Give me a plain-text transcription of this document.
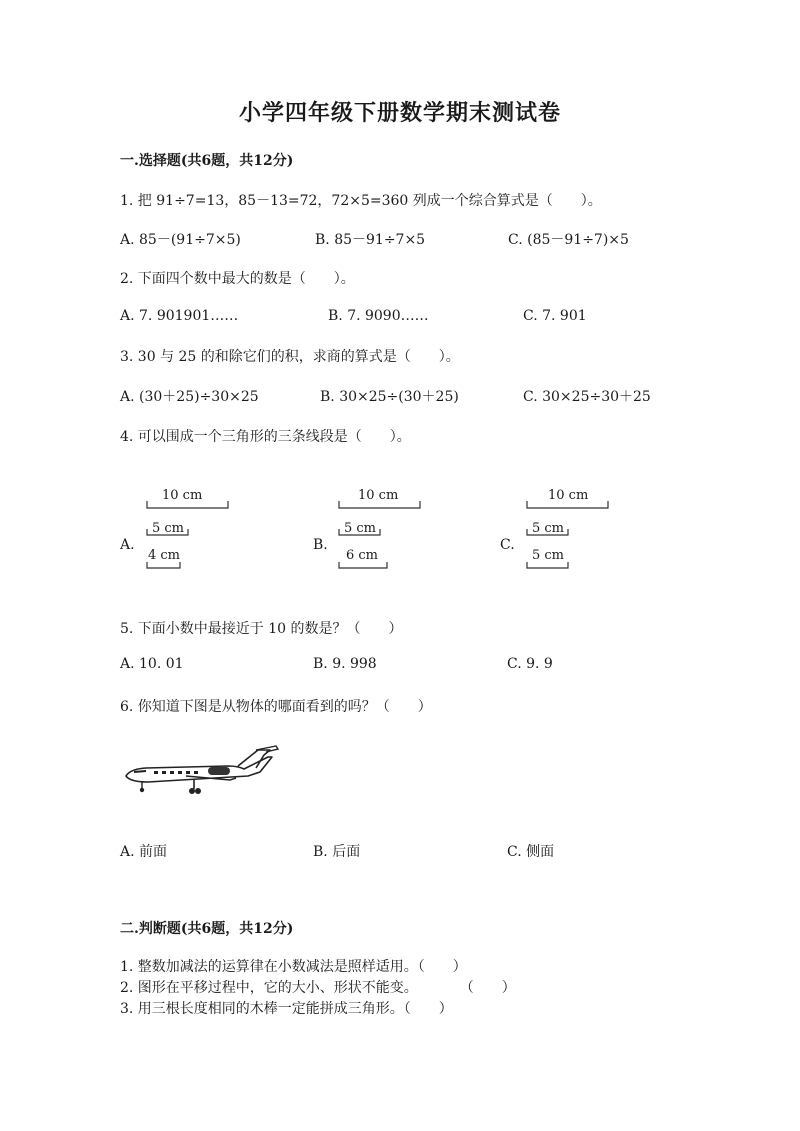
小学四年级下册数学期末测试卷
一.选择题(共6题，共12分)
1. 把 91÷7=13，85－13=72，72×5=360 列成一个综合算式是（　　）。
A. 85－(91÷7×5)	B. 85－91÷7×5	C. (85－91÷7)×5
2. 下面四个数中最大的数是（　　）。
A. 7. 901901……	B. 7. 9090……	C. 7. 901
3. 30 与 25 的和除它们的积，求商的算式是（　　）。
A. (30＋25)÷30×25	B. 30×25÷(30＋25)	C. 30×25÷30＋25
4. 可以围成一个三角形的三条线段是（　　）。
A.
10 cm
5 cm
4 cm
B.
10 cm
5 cm
6 cm
C.
10 cm
5 cm
5 cm
5. 下面小数中最接近于 10 的数是？（　　）
A. 10. 01	B. 9. 998	C. 9. 9
6. 你知道下图是从物体的哪面看到的吗？（　　）
A. 前面	B. 后面	C. 侧面
二.判断题(共6题，共12分)
1. 整数加减法的运算律在小数减法是照样适用。（　　）
2. 图形在平移过程中，它的大小、形状不能变。　　　　（　　）
3. 用三根长度相同的木棒一定能拼成三角形。（　　）
